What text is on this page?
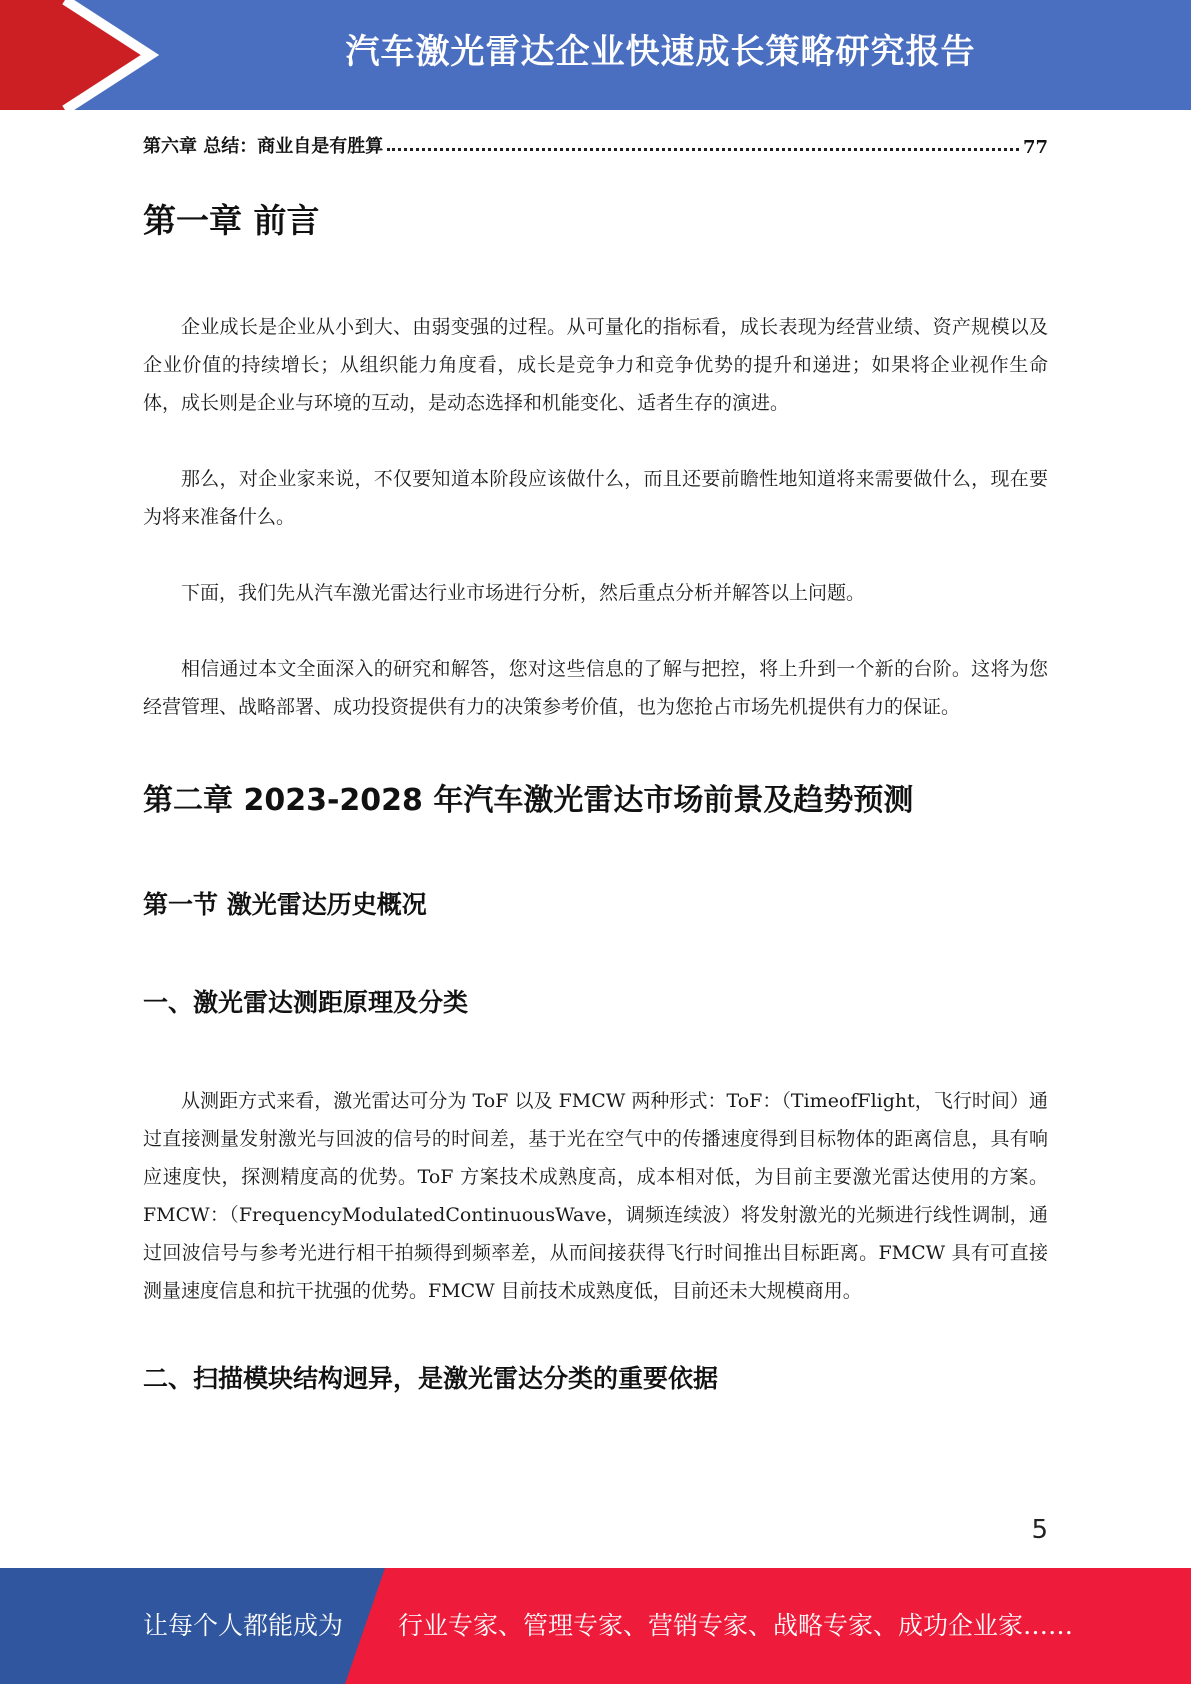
汽车激光雷达企业快速成长策略研究报告
第六章 总结：商业自是有胜算	77
第一章 前言

企业成长是企业从小到大、由弱变强的过程。从可量化的指标看，成长表现为经营业绩、资产规模以及企业价值的持续增长；从组织能力角度看，成长是竞争力和竞争优势的提升和递进；如果将企业视作生命体，成长则是企业与环境的互动，是动态选择和机能变化、适者生存的演进。

那么，对企业家来说，不仅要知道本阶段应该做什么，而且还要前瞻性地知道将来需要做什么，现在要为将来准备什么。

下面，我们先从汽车激光雷达行业市场进行分析，然后重点分析并解答以上问题。

相信通过本文全面深入的研究和解答，您对这些信息的了解与把控，将上升到一个新的台阶。这将为您经营管理、战略部署、成功投资提供有力的决策参考价值，也为您抢占市场先机提供有力的保证。

第二章 2023-2028 年汽车激光雷达市场前景及趋势预测
第一节 激光雷达历史概况
一、激光雷达测距原理及分类

从测距方式来看，激光雷达可分为 ToF 以及 FMCW 两种形式：ToF：（TimeofFlight，飞行时间）通过直接测量发射激光与回波的信号的时间差，基于光在空气中的传播速度得到目标物体的距离信息，具有响应速度快，探测精度高的优势。ToF 方案技术成熟度高，成本相对低，为目前主要激光雷达使用的方案。FMCW：（FrequencyModulatedContinuousWave，调频连续波）将发射激光的光频进行线性调制，通过回波信号与参考光进行相干拍频得到频率差，从而间接获得飞行时间推出目标距离。FMCW 具有可直接测量速度信息和抗干扰强的优势。FMCW 目前技术成熟度低，目前还未大规模商用。

二、扫描模块结构迥异，是激光雷达分类的重要依据
5
让每个人都能成为 行业专家、管理专家、营销专家、战略专家、成功企业家……
